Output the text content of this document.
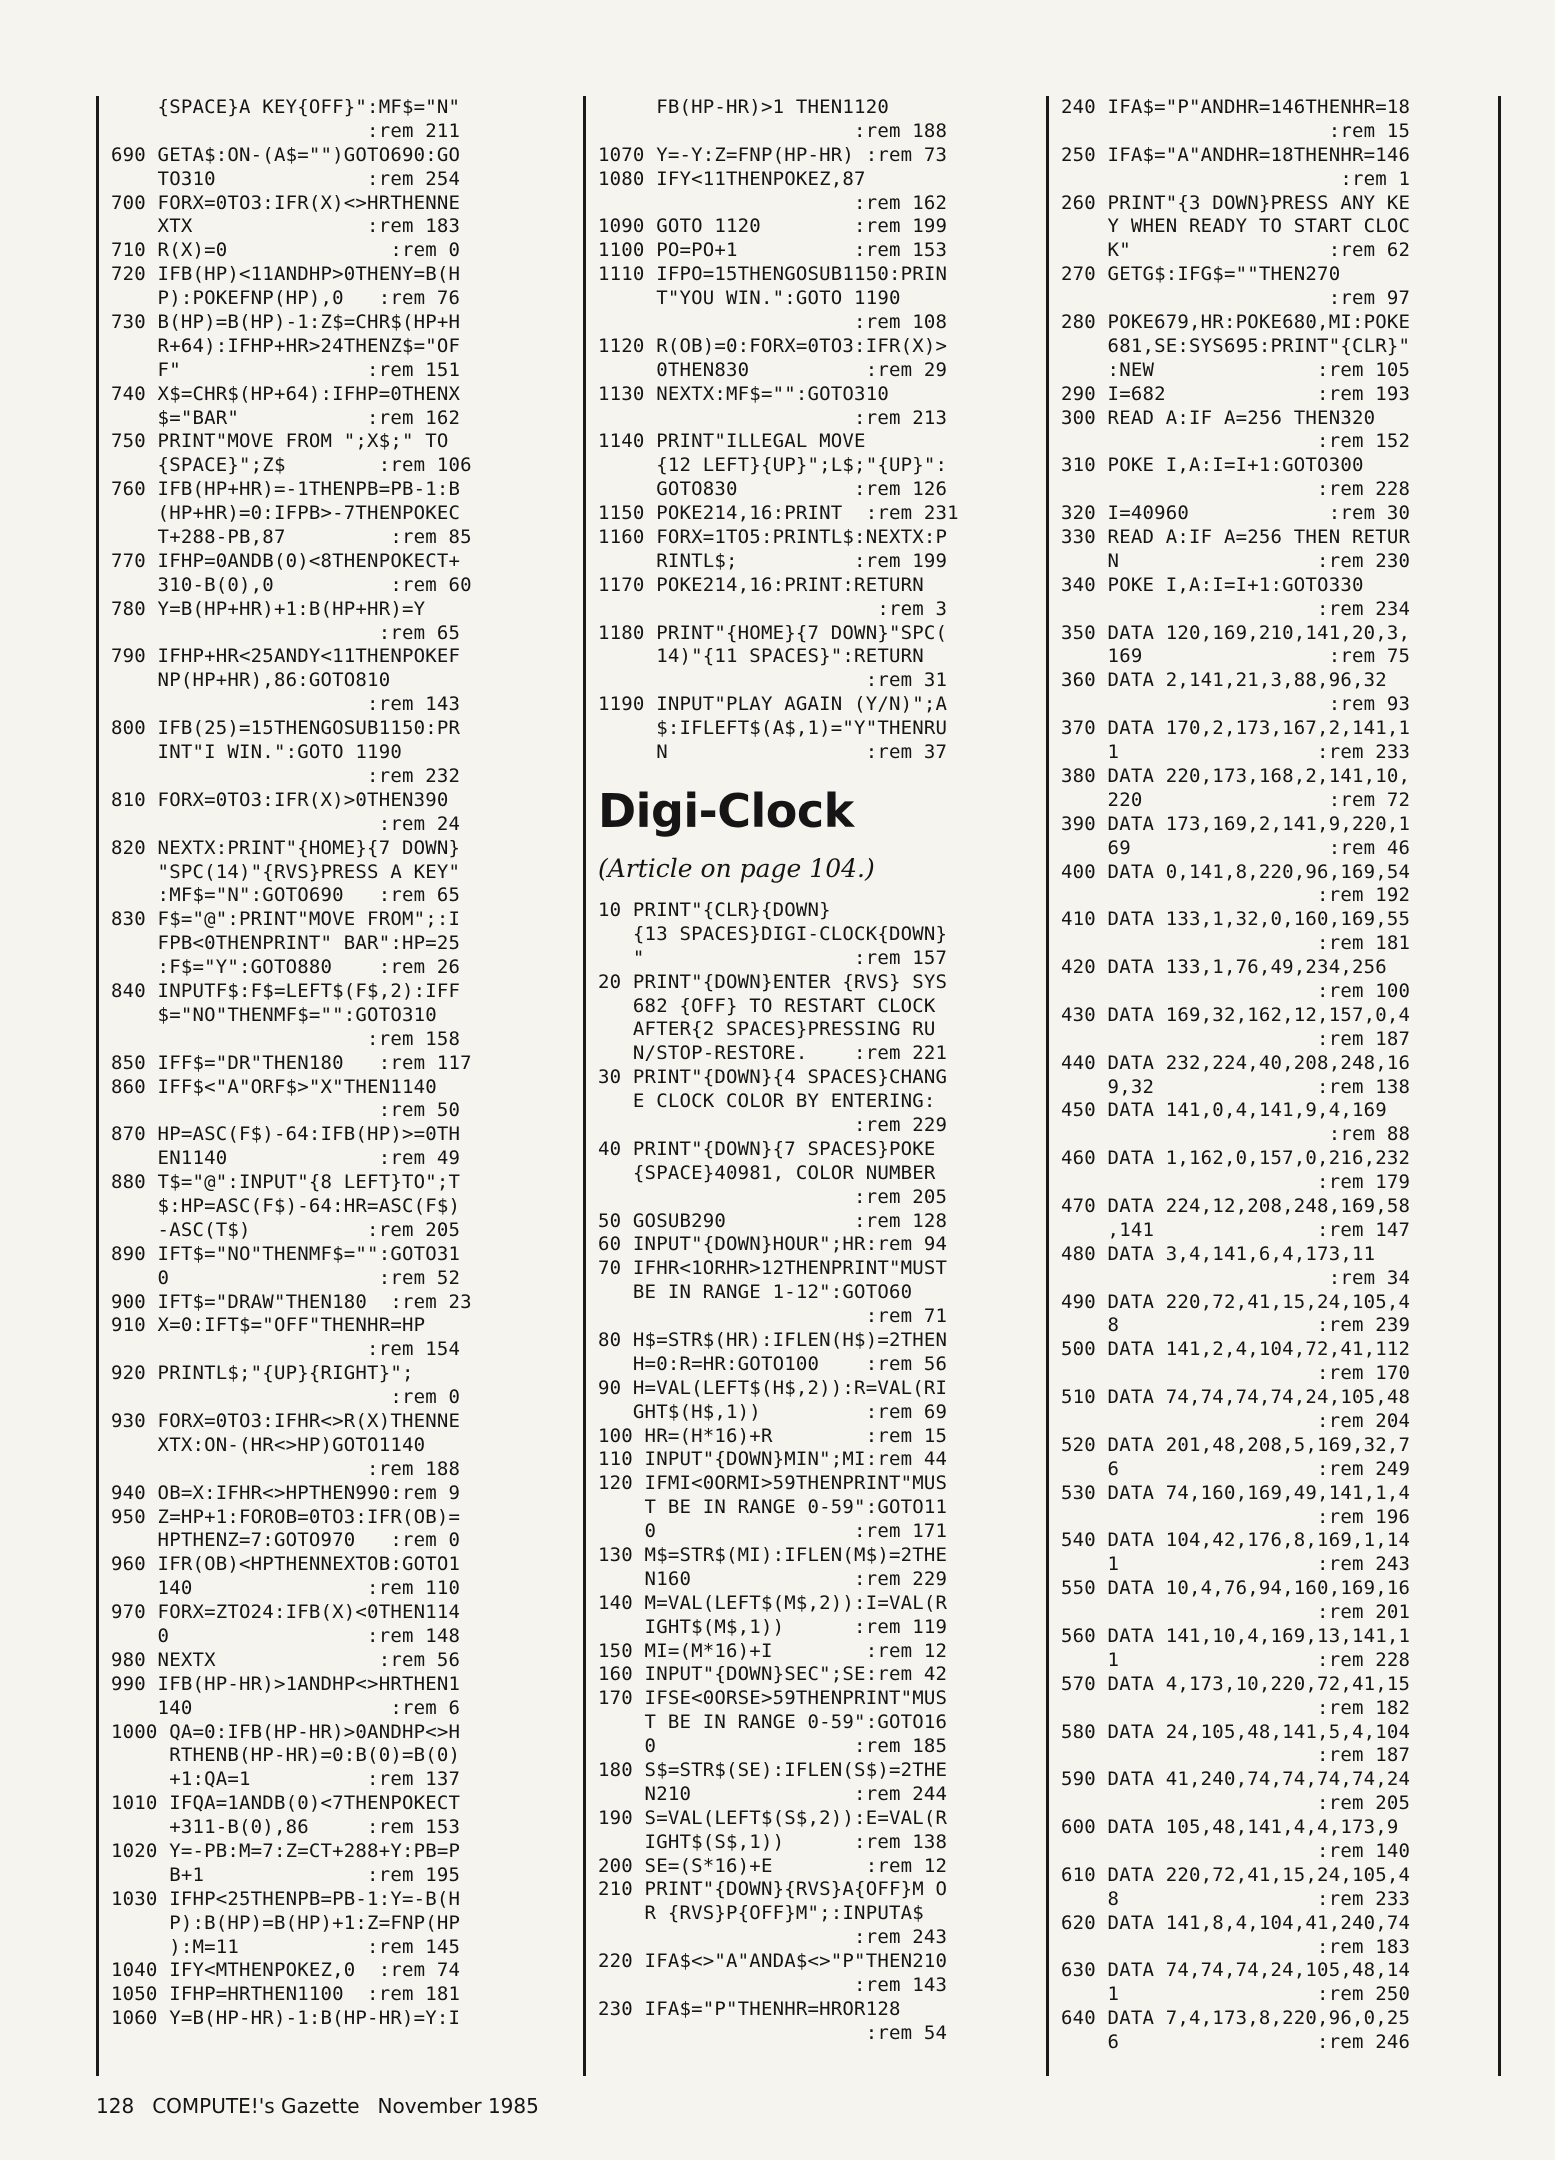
{SPACE}A KEY{OFF}":MF$="N"
:rem 211
690 GETA$:ON-(A$="")GOTO690:GO
TO310             :rem 254
700 FORX=0TO3:IFR(X)<>HRTHENNE
XTX               :rem 183
710 R(X)=0              :rem 0
720 IFB(HP)<11ANDHP>0THENY=B(H
P):POKEFNP(HP),0   :rem 76
730 B(HP)=B(HP)-1:Z$=CHR$(HP+H
R+64):IFHP+HR>24THENZ$="OF
F"                :rem 151
740 X$=CHR$(HP+64):IFHP=0THENX
$="BAR"           :rem 162
750 PRINT"MOVE FROM ";X$;" TO
{SPACE}";Z$        :rem 106
760 IFB(HP+HR)=-1THENPB=PB-1:B
(HP+HR)=0:IFPB>-7THENPOKEC
T+288-PB,87         :rem 85
770 IFHP=0ANDB(0)<8THENPOKECT+
310-B(0),0          :rem 60
780 Y=B(HP+HR)+1:B(HP+HR)=Y
:rem 65
790 IFHP+HR<25ANDY<11THENPOKEF
NP(HP+HR),86:GOTO810
:rem 143
800 IFB(25)=15THENGOSUB1150:PR
INT"I WIN.":GOTO 1190
:rem 232
810 FORX=0TO3:IFR(X)>0THEN390
:rem 24
820 NEXTX:PRINT"{HOME}{7 DOWN}
"SPC(14)"{RVS}PRESS A KEY"
:MF$="N":GOTO690   :rem 65
830 F$="@":PRINT"MOVE FROM";:I
FPB<0THENPRINT" BAR":HP=25
:F$="Y":GOTO880    :rem 26
840 INPUTF$:F$=LEFT$(F$,2):IFF
$="NO"THENMF$="":GOTO310
:rem 158
850 IFF$="DR"THEN180   :rem 117
860 IFF$<"A"ORF$>"X"THEN1140
:rem 50
870 HP=ASC(F$)-64:IFB(HP)>=0TH
EN1140             :rem 49
880 T$="@":INPUT"{8 LEFT}TO";T
$:HP=ASC(F$)-64:HR=ASC(F$)
-ASC(T$)          :rem 205
890 IFT$="NO"THENMF$="":GOTO31
0                  :rem 52
900 IFT$="DRAW"THEN180  :rem 23
910 X=0:IFT$="OFF"THENHR=HP
:rem 154
920 PRINTL$;"{UP}{RIGHT}";
:rem 0
930 FORX=0TO3:IFHR<>R(X)THENNE
XTX:ON-(HR<>HP)GOTO1140
:rem 188
940 OB=X:IFHR<>HPTHEN990:rem 9
950 Z=HP+1:FOROB=0TO3:IFR(OB)=
HPTHENZ=7:GOTO970   :rem 0
960 IFR(OB)<HPTHENNEXTOB:GOTO1
140               :rem 110
970 FORX=ZTO24:IFB(X)<0THEN114
0                 :rem 148
980 NEXTX              :rem 56
990 IFB(HP-HR)>1ANDHP<>HRTHEN1
140                 :rem 6
1000 QA=0:IFB(HP-HR)>0ANDHP<>H
RTHENB(HP-HR)=0:B(0)=B(0)
+1:QA=1          :rem 137
1010 IFQA=1ANDB(0)<7THENPOKECT
+311-B(0),86     :rem 153
1020 Y=-PB:M=7:Z=CT+288+Y:PB=P
B+1              :rem 195
1030 IFHP<25THENPB=PB-1:Y=-B(H
P):B(HP)=B(HP)+1:Z=FNP(HP
):M=11           :rem 145
1040 IFY<MTHENPOKEZ,0  :rem 74
1050 IFHP=HRTHEN1100  :rem 181
1060 Y=B(HP-HR)-1:B(HP-HR)=Y:I
FB(HP-HR)>1 THEN1120
:rem 188
1070 Y=-Y:Z=FNP(HP-HR) :rem 73
1080 IFY<11THENPOKEZ,87
:rem 162
1090 GOTO 1120        :rem 199
1100 PO=PO+1          :rem 153
1110 IFPO=15THENGOSUB1150:PRIN
T"YOU WIN.":GOTO 1190
:rem 108
1120 R(OB)=0:FORX=0TO3:IFR(X)>
0THEN830          :rem 29
1130 NEXTX:MF$="":GOTO310
:rem 213
1140 PRINT"ILLEGAL MOVE
{12 LEFT}{UP}";L$;"{UP}":
GOTO830          :rem 126
1150 POKE214,16:PRINT  :rem 231
1160 FORX=1TO5:PRINTL$:NEXTX:P
RINTL$;          :rem 199
1170 POKE214,16:PRINT:RETURN
:rem 3
1180 PRINT"{HOME}{7 DOWN}"SPC(
14)"{11 SPACES}":RETURN
:rem 31
1190 INPUT"PLAY AGAIN (Y/N)";A
$:IFLEFT$(A$,1)="Y"THENRU
N                 :rem 37
Digi-Clock
(Article on page 104.)
10 PRINT"{CLR}{DOWN}
{13 SPACES}DIGI-CLOCK{DOWN}
"                  :rem 157
20 PRINT"{DOWN}ENTER {RVS} SYS
682 {OFF} TO RESTART CLOCK
AFTER{2 SPACES}PRESSING RU
N/STOP-RESTORE.    :rem 221
30 PRINT"{DOWN}{4 SPACES}CHANG
E CLOCK COLOR BY ENTERING:
:rem 229
40 PRINT"{DOWN}{7 SPACES}POKE
{SPACE}40981, COLOR NUMBER
:rem 205
50 GOSUB290           :rem 128
60 INPUT"{DOWN}HOUR";HR:rem 94
70 IFHR<1ORHR>12THENPRINT"MUST
BE IN RANGE 1-12":GOTO60
:rem 71
80 H$=STR$(HR):IFLEN(H$)=2THEN
H=0:R=HR:GOTO100    :rem 56
90 H=VAL(LEFT$(H$,2)):R=VAL(RI
GHT$(H$,1))         :rem 69
100 HR=(H*16)+R        :rem 15
110 INPUT"{DOWN}MIN";MI:rem 44
120 IFMI<0ORMI>59THENPRINT"MUS
T BE IN RANGE 0-59":GOTO11
0                 :rem 171
130 M$=STR$(MI):IFLEN(M$)=2THE
N160              :rem 229
140 M=VAL(LEFT$(M$,2)):I=VAL(R
IGHT$(M$,1))      :rem 119
150 MI=(M*16)+I        :rem 12
160 INPUT"{DOWN}SEC";SE:rem 42
170 IFSE<0ORSE>59THENPRINT"MUS
T BE IN RANGE 0-59":GOTO16
0                 :rem 185
180 S$=STR$(SE):IFLEN(S$)=2THE
N210              :rem 244
190 S=VAL(LEFT$(S$,2)):E=VAL(R
IGHT$(S$,1))      :rem 138
200 SE=(S*16)+E        :rem 12
210 PRINT"{DOWN}{RVS}A{OFF}M O
R {RVS}P{OFF}M";:INPUTA$
:rem 243
220 IFA$<>"A"ANDA$<>"P"THEN210
:rem 143
230 IFA$="P"THENHR=HROR128
:rem 54
240 IFA$="P"ANDHR=146THENHR=18
:rem 15
250 IFA$="A"ANDHR=18THENHR=146
:rem 1
260 PRINT"{3 DOWN}PRESS ANY KE
Y WHEN READY TO START CLOC
K"                 :rem 62
270 GETG$:IFG$=""THEN270
:rem 97
280 POKE679,HR:POKE680,MI:POKE
681,SE:SYS695:PRINT"{CLR}"
:NEW              :rem 105
290 I=682             :rem 193
300 READ A:IF A=256 THEN320
:rem 152
310 POKE I,A:I=I+1:GOTO300
:rem 228
320 I=40960            :rem 30
330 READ A:IF A=256 THEN RETUR
N                 :rem 230
340 POKE I,A:I=I+1:GOTO330
:rem 234
350 DATA 120,169,210,141,20,3,
169                :rem 75
360 DATA 2,141,21,3,88,96,32
:rem 93
370 DATA 170,2,173,167,2,141,1
1                 :rem 233
380 DATA 220,173,168,2,141,10,
220                :rem 72
390 DATA 173,169,2,141,9,220,1
69                 :rem 46
400 DATA 0,141,8,220,96,169,54
:rem 192
410 DATA 133,1,32,0,160,169,55
:rem 181
420 DATA 133,1,76,49,234,256
:rem 100
430 DATA 169,32,162,12,157,0,4
:rem 187
440 DATA 232,224,40,208,248,16
9,32              :rem 138
450 DATA 141,0,4,141,9,4,169
:rem 88
460 DATA 1,162,0,157,0,216,232
:rem 179
470 DATA 224,12,208,248,169,58
,141              :rem 147
480 DATA 3,4,141,6,4,173,11
:rem 34
490 DATA 220,72,41,15,24,105,4
8                 :rem 239
500 DATA 141,2,4,104,72,41,112
:rem 170
510 DATA 74,74,74,74,24,105,48
:rem 204
520 DATA 201,48,208,5,169,32,7
6                 :rem 249
530 DATA 74,160,169,49,141,1,4
:rem 196
540 DATA 104,42,176,8,169,1,14
1                 :rem 243
550 DATA 10,4,76,94,160,169,16
:rem 201
560 DATA 141,10,4,169,13,141,1
1                 :rem 228
570 DATA 4,173,10,220,72,41,15
:rem 182
580 DATA 24,105,48,141,5,4,104
:rem 187
590 DATA 41,240,74,74,74,74,24
:rem 205
600 DATA 105,48,141,4,4,173,9
:rem 140
610 DATA 220,72,41,15,24,105,4
8                 :rem 233
620 DATA 141,8,4,104,41,240,74
:rem 183
630 DATA 74,74,74,24,105,48,14
1                 :rem 250
640 DATA 7,4,173,8,220,96,0,25
6                 :rem 246
128 COMPUTE!'s Gazette November 1985
